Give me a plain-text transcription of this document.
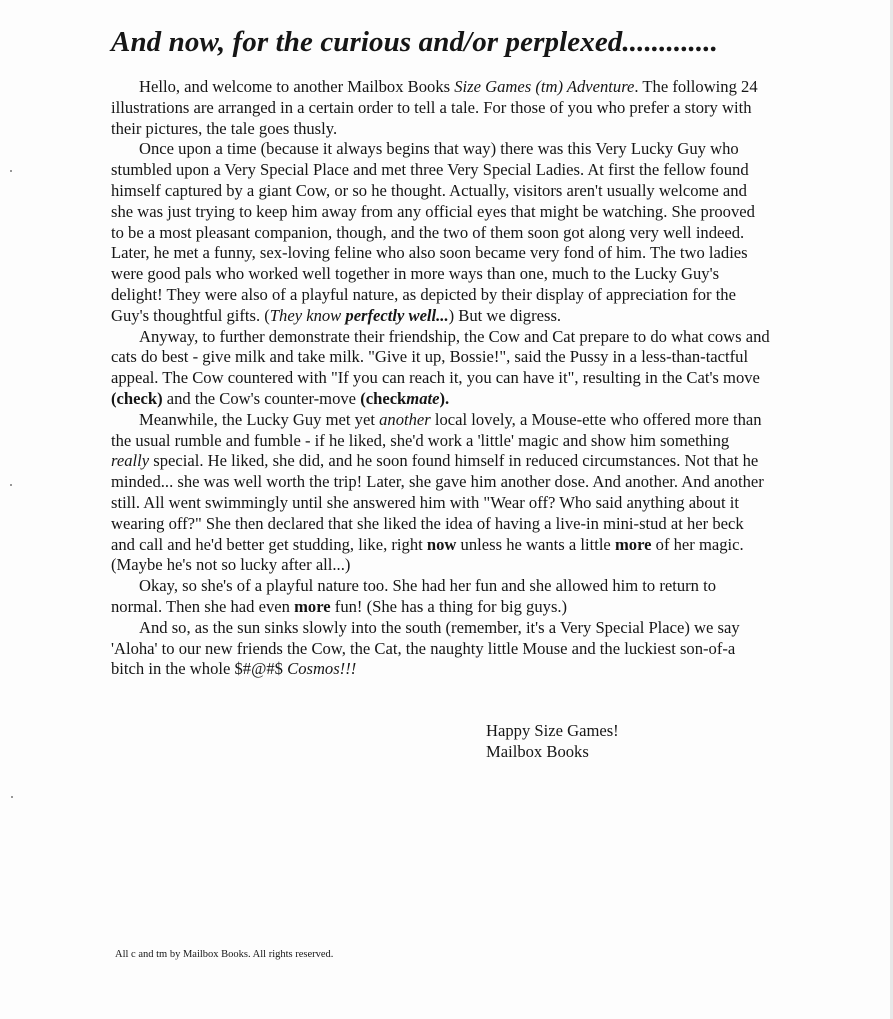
And now, for the curious and/or perplexed.............

Hello, and welcome to another Mailbox Books Size Games (tm) Adventure. The following 24 illustrations are arranged in a certain order to tell a tale. For those of you who prefer a story with their pictures, the tale goes thusly.

Once upon a time (because it always begins that way) there was this Very Lucky Guy who stumbled upon a Very Special Place and met three Very Special Ladies. At first the fellow found himself captured by a giant Cow, or so he thought. Actually, visitors aren't usually welcome and she was just trying to keep him away from any official eyes that might be watching. She prooved to be a most pleasant companion, though, and the two of them soon got along very well indeed. Later, he met a funny, sex-loving feline who also soon became very fond of him. The two ladies were good pals who worked well together in more ways than one, much to the Lucky Guy's delight! They were also of a playful nature, as depicted by their display of appreciation for the Guy's thoughtful gifts. (They know perfectly well...) But we digress.

Anyway, to further demonstrate their friendship, the Cow and Cat prepare to do what cows and cats do best - give milk and take milk. "Give it up, Bossie!", said the Pussy in a less-than-tactful appeal. The Cow countered with "If you can reach it, you can have it", resulting in the Cat's move (check) and the Cow's counter-move (checkmate).

Meanwhile, the Lucky Guy met yet another local lovely, a Mouse-ette who offered more than the usual rumble and fumble - if he liked, she'd work a 'little' magic and show him something really special. He liked, she did, and he soon found himself in reduced circumstances. Not that he minded... she was well worth the trip! Later, she gave him another dose. And another. And another still. All went swimmingly until she answered him with "Wear off? Who said anything about it wearing off?" She then declared that she liked the idea of having a live-in mini-stud at her beck and call and he'd better get studding, like, right now unless he wants a little more of her magic. (Maybe he's not so lucky after all...)

Okay, so she's of a playful nature too. She had her fun and she allowed him to return to normal. Then she had even more fun! (She has a thing for big guys.)

And so, as the sun sinks slowly into the south (remember, it's a Very Special Place) we say 'Aloha' to our new friends the Cow, the Cat, the naughty little Mouse and the luckiest son-of-a bitch in the whole $#@#$ Cosmos!!!

Happy Size Games!
Mailbox Books
All c and tm by Mailbox Books. All rights reserved.
